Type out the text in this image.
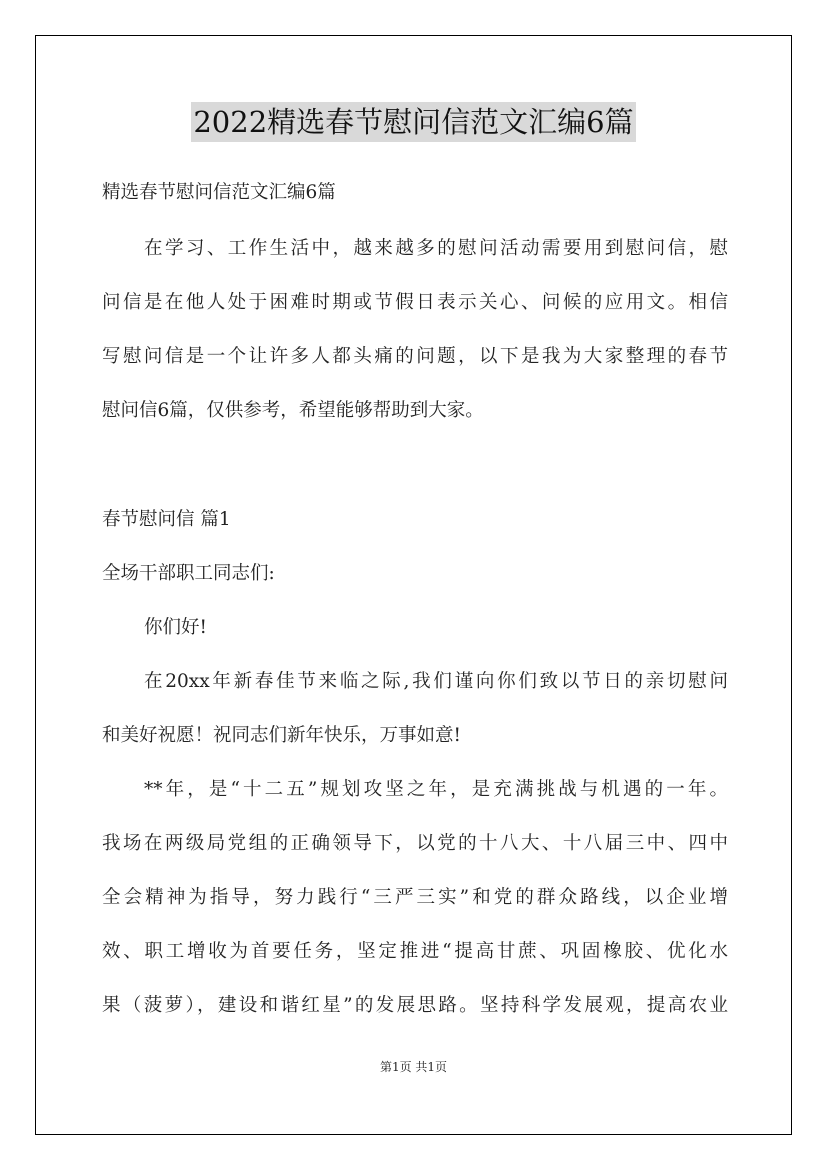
2022精选春节慰问信范文汇编6篇
精选春节慰问信范文汇编6篇
在学习、工作生活中，越来越多的慰问活动需要用到慰问信，慰
问信是在他人处于困难时期或节假日表示关心、问候的应用文。相信
写慰问信是一个让许多人都头痛的问题，以下是我为大家整理的春节
慰问信6篇，仅供参考，希望能够帮助到大家。
春节慰问信 篇1
全场干部职工同志们:
你们好!
在20xx年新春佳节来临之际,我们谨向你们致以节日的亲切慰问
和美好祝愿！祝同志们新年快乐，万事如意!
**年，是“十二五”规划攻坚之年，是充满挑战与机遇的一年。
我场在两级局党组的正确领导下，以党的十八大、十八届三中、四中
全会精神为指导，努力践行“三严三实”和党的群众路线，以企业增
效、职工增收为首要任务，坚定推进“提高甘蔗、巩固橡胶、优化水
果（菠萝），建设和谐红星”的发展思路。坚持科学发展观，提高农业
第1页 共1页
